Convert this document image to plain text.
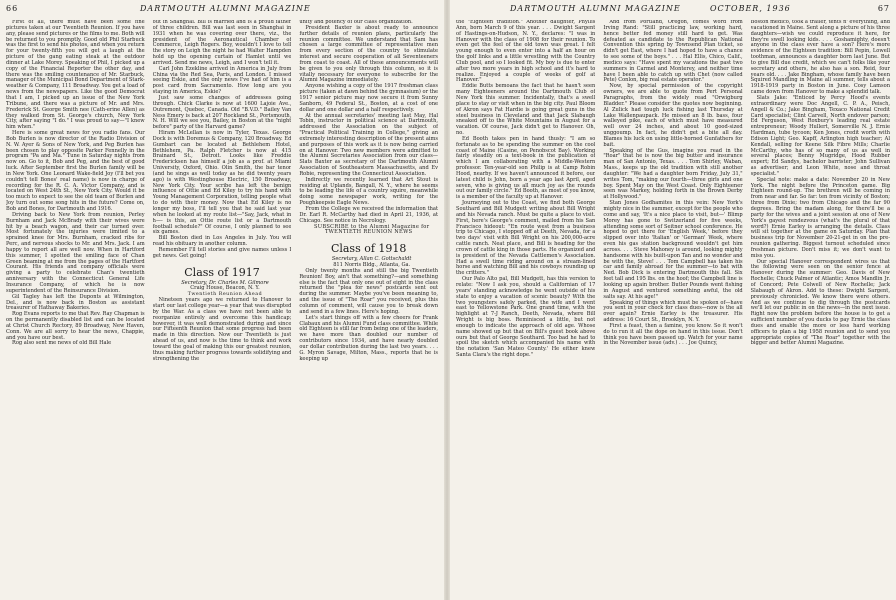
66	DARTMOUTH ALUMNI MAGAZINE

First of all, there must have been some fine pictures taken at our Twentieth Reunion. If you have any, please send pictures or the films to me. Both will be returned to you promptly. Good old Phil Starbuck was the first to send his photos, and when you return for your twenty-fifth you will get a laugh at the picture of the gang eating steak at the outdoor dinner at Lake Morey. Speaking of Phil, I picked up a copy of the Financial Reporter the other day, and there was the smiling countenance of Mr. Starbuck, manager of the Municipal Bond Department of Stark-weather & Company, 111 Broadway. You get a load of news from the newspapers. Like the good Democrat that I am, I picked up an issue of the New York Tribune, and there was a picture of Mr. and Mrs. Frederick St. George Smith nee (Cath-erine Allen) as they walked from St. George's church, New York City, after saying "I do." I was proud to say—"I knew him when."

Here is some great news for you radio fans. Our Bob Burlen is now director of the Radio Division of N. W. Ayer & Sons of New York, and Peg Burlen has been chosen to play opposite Parker Fennelly in the program "Pa and Ma." Tune in Saturday nights from now on. Go to it, Bob and Peg, and the best of good luck. After September first the Burlen family will be in New York. One Leonard Wake-field Joy (I'll bet you couldn't tell Bones' real name) is now in charge of recording for the R. C. A. Victor Company, and is located on West 24th St., New York City. Would it be too much to expect to see the old team of Burlen and Joy turn out some song hits in the future? Come on, Bob and Bones, for Dartmouth and 1916.

Driving back to New York from reunion, Perley Burnham and Jack McBrady with their wives were hit by a beach wagon, and their car turned over. Most fortunately the injuries were limited to a sprained knee for Mrs. Burnham, cracked ribs for Perc, and nervous shocks to Mr. and Mrs. Jack. I am happy to report all are well now. When in Hartford this summer, I spotted the smiling face of Chan Green beaming at me from the pages of the Hartford Courant. His friends and company officials were giving a party to celebrate Chan's twentieth anniversary with the Connecticut General Life Insurance Company, of which he is now superintendent of the Reinsurance Division.

Gil Tagley has left the Duponts at Wilmington, Del., and is now back in Boston as assistant treasurer of Hathaway Bakeries.

Rog Evans reports to me that Rev. Ray Chapman is on the permanently disabled list and can be located at Christ Church Rectory, 89 Broadway, New Haven, Conn. We are all sorry to hear the news, Chappie, and you have our best.

Rog also sent me news of old Bill Hale

out in Shanghai. Bill is married and is a proud father of three children. Bill was last seen in Shanghai in 1931 when he was covering over there, viz., the president of the Aeronautical Chamber of Commerce, Leigh Rogers. Boy, wouldn't I love to tell the story on Leigh the night he had Walter Hampden hold up the opening curtain of Hamlet until we arrived. Send me news, Leigh, and I won't tell it.

Carl John Ezekline arrived in America in July from China via the Red Sea, Paris, and London. I missed seeing Eskie, and the only news I've had of him is a post card from Sacramento. How long are you staying in America, Eskie?

Just saw some changes of addresses going through. Chick Clarke is now at 1600 Lajoie Ave., Outremont, Quebec, Canada. Old "B.V.D." Bailey Van Ness Emery is back at 207 Rockland St., Portsmouth, N. H. Will we see you, Bailey, in Boston at the "night before" party of the Harvard game?

Hiram McLellan is now in Tyler, Texas. George Dock is with Doremus & Company, 120 Broadway. Ed Gumbart can be located at Bethlehem Hotel, Bethlehem, Pa. Ralph Fletcher is now at 415 Brainard St., Detroit. Looks like Freddie Fredericksen has himself a job as a prof. at Miami University, Oxford, Ohio. Olin Smith, the bar tenor (and he sings as well today as he did twenty years ago) is with Westinghouse Electric, 150 Broadway, New York City. Your scribe has left the benign influence of Ottie and Ed Kiley to try his hand with Young Management Corporation, telling people what to do with their money. Now that Ed Kiley is no longer my boss, I'll tell you that he said last year when he looked at my route list—"Say, Jack, what in h—- is this, an Ottie route list or a Dartmouth football schedule?" Of course, I only planned to see six games.

Bill Boston died in Los Angeles in July. You will read his obituary in another column.

Remember I'll tell stories and give names unless I get news. Get going!

Class of 1917

Secretary, Dr. Charles M. Gilmore

Craig House, Beacon, N. Y.

Twentieth Reunion Ahead

Nineteen years ago we returned to Hanover to start our last college year—a year that was disrupted by the War. As a class we have not been able to reorganize entirely and overcome this handicap; however, it was well demonstrated during and since our Fifteenth Reunion that some progress had been made in this direction. Now our Twentieth is just ahead of us, and now is the time to think and work toward the goal of making this our greatest reunion, thus making further progress towards solidifying and strengthening the

unity and potency of our class organization.

President Baxter is about ready to announce further details of reunion plans, particularly the reunion committee. We understand that Sam has chosen a large committee of representative men from every section of the country to stimulate interest and secure cooperation of all Seventeeners from coast to coast. All of these announcements will be given to you only through this column, so it is vitally necessary for everyone to subscribe for the Alumni Magazine immediately.

Anyone wishing a copy of the 1917 freshman class picture (taken at dawn behind the gymnasium) or the 1917 senior picture may now secure it from Sunny Sanborn, 49 Federal St., Boston, at a cost of one dollar and one dollar and a half respectively.

At the annual secretaries' meeting last May, Hal Tobin, instructor in political science at Dartmouth, addressed the Association on the subject of "Practical Political Training in College," giving an extremely interesting description of the present aims and purposes of this work as it is now being carried on at Hanover. Two new members were admitted to the Alumni Secretaries Association from our class—Slats Baxter as secretary of the Dartmouth Alumni Association of Southeastern Massachusetts, and Ev Robie, representing the Connecticut Association.

Indirectly we recently learned that Art Stout is residing at Uplands, Bangall, N. Y., where he seems to be leading the life of a country squire, meanwhile doing some newspaper work, writing for the Poughkeepsie Eagle News.

From the College we received the information that Dr. Earl R. McCarthy had died in April 21, 1936, at Chicago. See notice in Necrology.

SUBSCRIBE to the Alumni Magazine for TWENTIETH REUNION NEWS

Class of 1918

Secretary, Allan C. Gottschaldt

811 Norris Bldg., Atlanta, Ga.

Only twenty months and still the big Twentieth Reunion! Boy, ain't that something?—and something else is the fact that only one out of eight in the class returned the "plea for news" postcards sent out during the summer. Maybe you've been meaning to, and the issue of "The Roar" you received, plus this column of comment, will cause you to break down and send in a few lines. Here's hoping.

Let's start things off with a few cheers for Frank Clabaux and his Alumni Fund class committee. While old Eighteen is still far from being one of the leaders, we have more than doubled our number of contributors since 1934, and have nearly doubled our dollar contribution during the last two years. . . . G. Myron Savage, Milton, Mass., reports that he is keeping up

DARTMOUTH ALUMNI MAGAZINE	OCTOBER, 1936	67

the "Eighteen tradition." Another daughter, Phyllis Ann, born March 9 of this year. . . . Dwight Sargent of Hastings-on-Hudson, N. Y., declares: "I was in Hanover with the class of 1908 for their reunion. To even get the feel of the old town was great. I felt young enough to even enter into a half an hour on the golf links and a little wrestling with the Country Club pool, and so I looked fit. My boy is due to enter after two more years in high school and it's hard to realize. Enjoyed a couple of weeks of golf at Hanover."

Eddie Butts bemoans the fact that he hasn't seen many Eighteeners around the Dartmouth Club of New York this summer. Incidentally, that's a swell place to stay or visit when in the big city. Paul Bloom of Akron says Fat Hardie is going great guns in the steel business in Cleveland and that Jack Slabaugh sneaked off to the White Mountains in August for a vacation. Of course, Jack didn't get to Hanover. Oh, no.

Ed Booth takes pen in hand thusly: "I am so fortunate as to be spending the summer on the cool coast of Maine (Casine, on Penobscot Bay). Working fairly steadily on a text-book in the publication of which I am collaborating with a Middle-Western professor. Ten-year-old son Philip is at Camp Robin Hood, nearby. If we haven't announced it before, our latest child is John, born a year ago last April, aged seven, who is giving us all much joy as the rounds out our family circle." Ed Booth, as most of you know, is a member of the faculty up at Hanover.

Journeying out to the Coast, we find both George Southard and Bill Mudgett writing about Bill Wright and his Nevada ranch. Must be quite a place to visit. First, here's George's comment, mailed from his San Francisco hideout: "En route west from a business trip to Chicago, I stopped off at Deeth, Nevada, for a two days' visit with Bill Wright on his 200,000-acre cattle ranch. Neat place, and Bill is heading for the crown of cattle king in those parts. He organized and is president of the Nevada Cattlemen's Association. Had a swell time riding around on a stream-lined horse and watching Bill and his cowboys rounding up the critters."

Our Palo Alto pal, Bill Mudgett, has this version to relate: "Now I ask you, should a Californian of 17 years' standing acknowledge he went outside of his state to enjoy a vacation of scenic beauty? With the two youngsters safely parked, the wife and I went east to Yellowstone Park. One grand time, with the highlight at 7-J Ranch, Deeth, Nevada, where Bill Wright is big boss. Reminisced a little, but not enough to indicate the approach of old age. Whose name showed up but that on Bill's guest book above ours but that of George Southard. Too bad he had to spoil the sketch which accompanied his name with the notation 'San Mateo County.' He either knew Santa Clara's the right dope."

And from Portland, Oregon, comes word from Irving Rand: "Still practicing law, working hard, hence better fed money still hard to get. Was defeated as candidate to the Republican National Convention this spring by Townsend Plan ticket, so didn't get East, where I had hoped to have a chance to see some of the boys." . . . Hal Ellis, Chico, Calif., medico says: "Have spent my vacations the past two summers in Carmel and Monterey, and neither time have I been able to catch up with Chet (now called Pete) Conlon, big real estate operator."

Now, by special permission of the copyright owners, we are able to quote from Pert Personal Paragraphs, from the widely read "Orwigburg Bladder." Please consider the quotes now beginning. Al Zulick had tough luck fishing last Thursday at Lake Wallenpaupack. He missed an 8 lb. bass, four walleyed pike, each of which must have measured well over 24 inches, and about 10 good-sized unggoump. In fact, he didn't get a bite all day. Blames his luck on using little-horned Gunfathers for bait.

Speaking of the Gus, imagine you read in the "Roar" that he is now the big butter and insurance man of San Antonio, Texas. . . . Tom Shirley, Waban, Mass., keeps up the old tradition with still another daughter: "We had a daughter born Friday, July 31," writes Tom, "making our fourth—three girls and one boy. Spent May on the West Coast. Only Eighteener seen was Markey, holding forth in the Brown Derby at Hollywood."

Stan Jones Godhamites in this vein: New York's mighty nice in the summer, except for the people who come and say, 'It's a nice place to visit, but—' Blimp Morey has gone to Switzerland for five weeks, attending some sort of Seitner school conference. He hoped to get there for 'English Week,' before they slipped over into 'Italian' or 'German' Week, where even his gas station background wouldn't get him across. . . . Steve Mahoney is around, looking mighty handsome with his built-upon Tan and no wonder and be with the, Steve! . . . Tom Campbell has taken his car and family abroad for the summer—to bat with Ned. Bob Dick is entering Dartmouth this fall. Six feet tall and 195 lbs. on the hoof; the Campbell line is looking up again brother. Butler Pounds went fishing in August and ventured something awful, the old salts say. At his age!"

Speaking of things which must be spoken of—have you sent in your check for class dues—now is the all over again? Ernie Earley is the treasurer. His address: 16 Court St., Brooklyn, N. Y.

First a feast, then a famine, you know. So it won't do to run it all the dope on hand in this issue. Don't think you have been passed up. Watch for your name in the November issue (adv.) . . . Joe Quincy,

Boston medico, took a trailer, tents n' everything, and vacationed in Maine. Sent along a picture of his three daughters—wish we could reproduce it here, for they're swell looking kids. . . . Goshamighty, doesn't anyone in the class ever have a son? Here's more evidence of the Eighteen tradition: Bill Pepin, Lowell toothman, announces a daughter born last June. But to give Bill due credit, which we can't folks like your secretary and others, he also has a son. Reid, four years old. . . . Jake Bingham, whose family have been Squired Mandling in Maine all summer, tells about a 1918-1919 party in Boston in June. Cosy Lamson came down from Hanover to make a splendid talk.

Slats Jake: "Enticed by Percy Hood's events extraordinary were Doc Angell, C. P. A., Peisch, Angell & Co.; Jake Bingham, Texaco National Credit Card specialist; Clint Carvell, North endover parson; Ed Ferguson, West Roxbury's leading real estate entrepreneur; Woody Hullert, Somerville N. J. Ernie Hardman, tube tycoon; Ken Jones, credit worth with Edison Light; Geo. Kapff, Arlington high teacher; Al Kendall, selling for Keene Silk Fibre Mills; Charlie McCarthy, who has of so many of us as well in several places; Benny Mugridge, Hood Rubber expert; Ed Sandys, bachelor barrister; John Sullivan as advertiser; and Leon White, nose and throat specialist."

Special note: make a date: November 20 in New York. The night before the Princeton game. Big Eighteen round-up. The brethren will be coming in from near and far. So far: ten from vicinity of Boston; three from Dixie; two from Chicago and the far 90 degrees. Bring the madam along, for there'll be a party for the wives and a joint session at one of New York's gayest rendezvous (what's the plural of that word?) Ernie Earley is arranging the details. Class will sit together at the game on Saturday. Plan that business trip for November 20-21-get in on the pre-reunion gathering. Biggest turnout scheduled since freshman picture. Don't miss it; we don't want to miss you.

Our special Hanover correspondent wires us that the following were seen on the senior fence at Hanover during the summer: Geo. Davis of New Rochelle; Chuck Palmer of Atlantic; Amos Mandlin Jr. of Concord; Pete Colwell of New Rochelle; Jack Slabaugh of Akron. Add to these: Dwight Sargent, previously chronicled. We know there were others. And as we continue to dig through the postcards we'll let our public in on the news—in the next issue. Right now the problem before the house is to get a sufficient number of you ducks to pay Ernie the class dues and enable the more or less hard working officers to plan a big 1958 reunion and to send you appropriate copies of "The Roar" together with the bigger and better Alumni Magazine.
